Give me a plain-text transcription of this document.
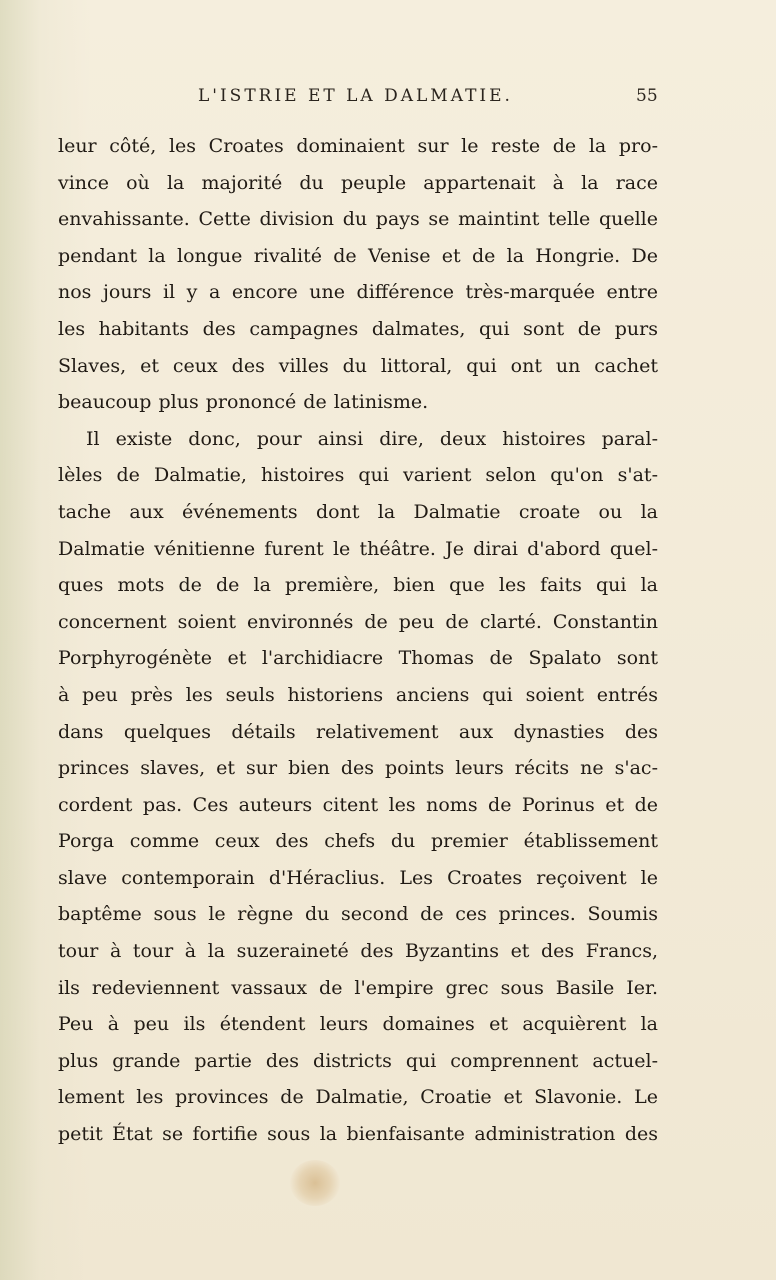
L'ISTRIE ET LA DALMATIE.	55
leur côté, les Croates dominaient sur le reste de la pro-
vince où la majorité du peuple appartenait à la race
envahissante. Cette division du pays se maintint telle quelle
pendant la longue rivalité de Venise et de la Hongrie. De
nos jours il y a encore une différence très-marquée entre
les habitants des campagnes dalmates, qui sont de purs
Slaves, et ceux des villes du littoral, qui ont un cachet
beaucoup plus prononcé de latinisme.
Il existe donc, pour ainsi dire, deux histoires paral-
lèles de Dalmatie, histoires qui varient selon qu'on s'at-
tache aux événements dont la Dalmatie croate ou la
Dalmatie vénitienne furent le théâtre. Je dirai d'abord quel-
ques mots de de la première, bien que les faits qui la
concernent soient environnés de peu de clarté. Constantin
Porphyrogénète et l'archidiacre Thomas de Spalato sont
à peu près les seuls historiens anciens qui soient entrés
dans quelques détails relativement aux dynasties des
princes slaves, et sur bien des points leurs récits ne s'ac-
cordent pas. Ces auteurs citent les noms de Porinus et de
Porga comme ceux des chefs du premier établissement
slave contemporain d'Héraclius. Les Croates reçoivent le
baptême sous le règne du second de ces princes. Soumis
tour à tour à la suzeraineté des Byzantins et des Francs,
ils redeviennent vassaux de l'empire grec sous Basile Ier.
Peu à peu ils étendent leurs domaines et acquièrent la
plus grande partie des districts qui comprennent actuel-
lement les provinces de Dalmatie, Croatie et Slavonie. Le
petit État se fortifie sous la bienfaisante administration des
